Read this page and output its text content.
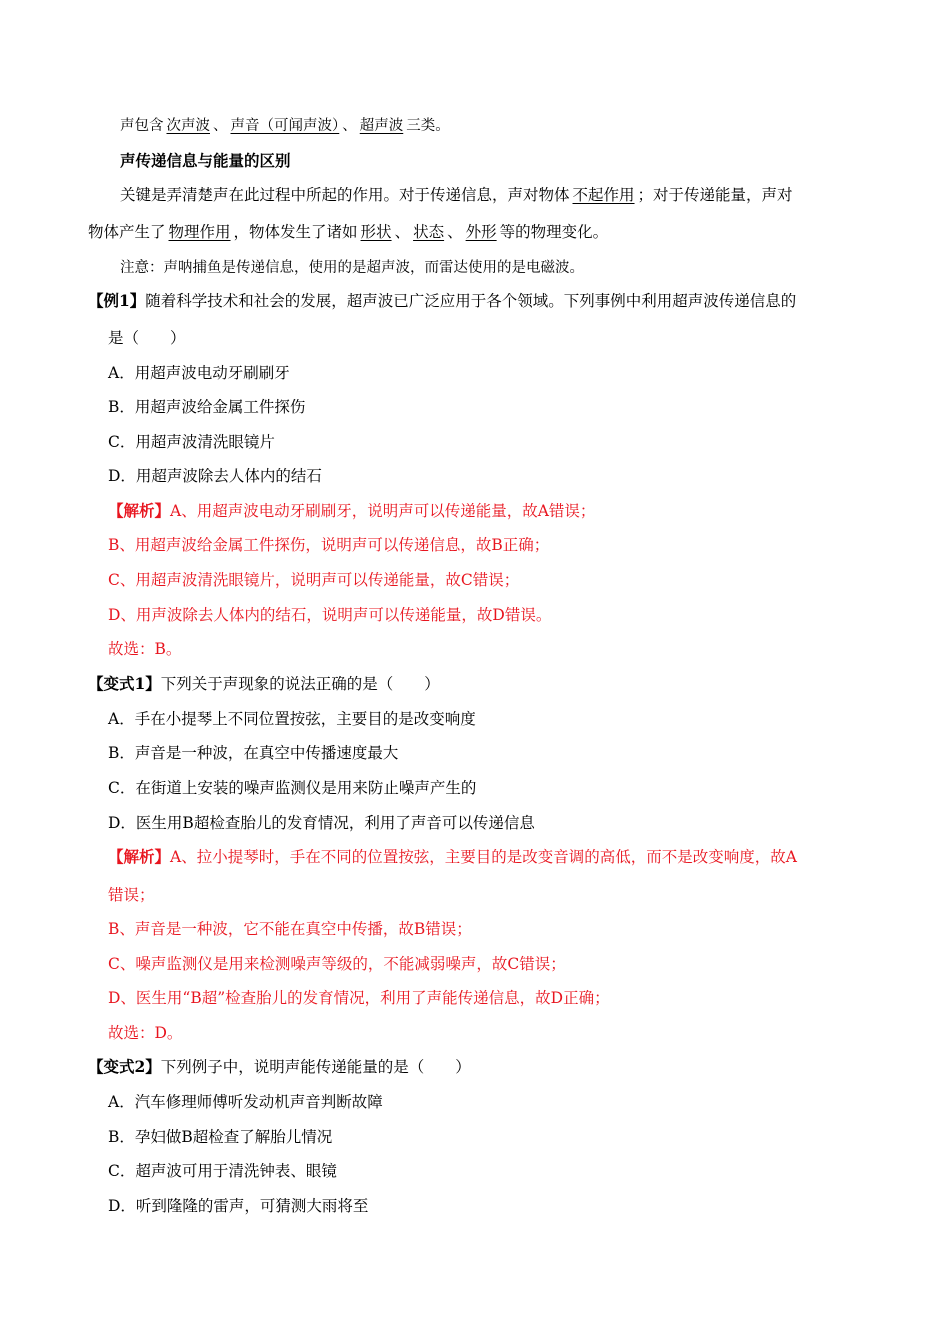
声包含 次声波 、 声音（可闻声波） 、 超声波 三类。
声传递信息与能量的区别
关键是弄清楚声在此过程中所起的作用。对于传递信息，声对物体 不起作用 ；对于传递能量，声对
物体产生了 物理作用 ，物体发生了诸如 形状 、 状态 、 外形 等的物理变化。
注意：声呐捕鱼是传递信息，使用的是超声波，而雷达使用的是电磁波。
【例1】随着科学技术和社会的发展，超声波已广泛应用于各个领域。下列事例中利用超声波传递信息的
是（　　）
A．用超声波电动牙刷刷牙
B．用超声波给金属工件探伤
C．用超声波清洗眼镜片
D．用超声波除去人体内的结石
【解析】A、用超声波电动牙刷刷牙，说明声可以传递能量，故A错误；
B、用超声波给金属工件探伤，说明声可以传递信息，故B正确；
C、用超声波清洗眼镜片，说明声可以传递能量，故C错误；
D、用声波除去人体内的结石，说明声可以传递能量，故D错误。
故选：B。
【变式1】下列关于声现象的说法正确的是（　　）
A．手在小提琴上不同位置按弦，主要目的是改变响度
B．声音是一种波，在真空中传播速度最大
C．在街道上安装的噪声监测仪是用来防止噪声产生的
D．医生用B超检查胎儿的发育情况，利用了声音可以传递信息
【解析】A、拉小提琴时，手在不同的位置按弦，主要目的是改变音调的高低，而不是改变响度，故A
错误；
B、声音是一种波，它不能在真空中传播，故B错误；
C、噪声监测仪是用来检测噪声等级的，不能减弱噪声，故C错误；
D、医生用“B超”检查胎儿的发育情况，利用了声能传递信息，故D正确；
故选：D。
【变式2】下列例子中，说明声能传递能量的是（　　）
A．汽车修理师傅听发动机声音判断故障
B．孕妇做B超检查了解胎儿情况
C．超声波可用于清洗钟表、眼镜
D．听到隆隆的雷声，可猜测大雨将至
